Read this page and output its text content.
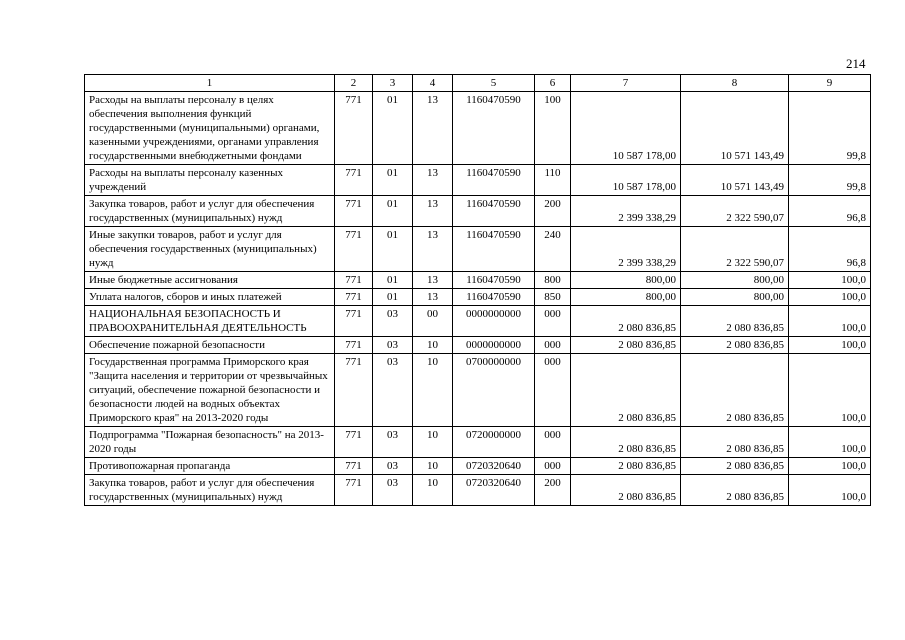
214
1	2	3	4	5	6	7	8	9
Расходы на выплаты персоналу в целях обеспечения выполнения функций государственными (муниципальными) органами, казенными учреждениями, органами управления государственными внебюджетными фондами	771	01	13	1160470590	100	10 587 178,00	10 571 143,49	99,8
Расходы на выплаты персоналу казенных учреждений	771	01	13	1160470590	110	10 587 178,00	10 571 143,49	99,8
Закупка товаров, работ и услуг для обеспечения государственных (муниципальных) нужд	771	01	13	1160470590	200	2 399 338,29	2 322 590,07	96,8
Иные закупки товаров, работ и услуг для обеспечения государственных (муниципальных) нужд	771	01	13	1160470590	240	2 399 338,29	2 322 590,07	96,8
Иные бюджетные ассигнования	771	01	13	1160470590	800	800,00	800,00	100,0
Уплата налогов, сборов и иных платежей	771	01	13	1160470590	850	800,00	800,00	100,0
НАЦИОНАЛЬНАЯ БЕЗОПАСНОСТЬ И ПРАВООХРАНИТЕЛЬНАЯ ДЕЯТЕЛЬНОСТЬ	771	03	00	0000000000	000	2 080 836,85	2 080 836,85	100,0
Обеспечение пожарной безопасности	771	03	10	0000000000	000	2 080 836,85	2 080 836,85	100,0
Государственная программа Приморского края "Защита населения и территории от чрезвычайных ситуаций, обеспечение пожарной безопасности и безопасности людей на водных объектах Приморского края" на 2013-2020 годы	771	03	10	0700000000	000	2 080 836,85	2 080 836,85	100,0
Подпрограмма "Пожарная безопасность" на 2013-2020 годы	771	03	10	0720000000	000	2 080 836,85	2 080 836,85	100,0
Противопожарная пропаганда	771	03	10	0720320640	000	2 080 836,85	2 080 836,85	100,0
Закупка товаров, работ и услуг для обеспечения государственных (муниципальных) нужд	771	03	10	0720320640	200	2 080 836,85	2 080 836,85	100,0
